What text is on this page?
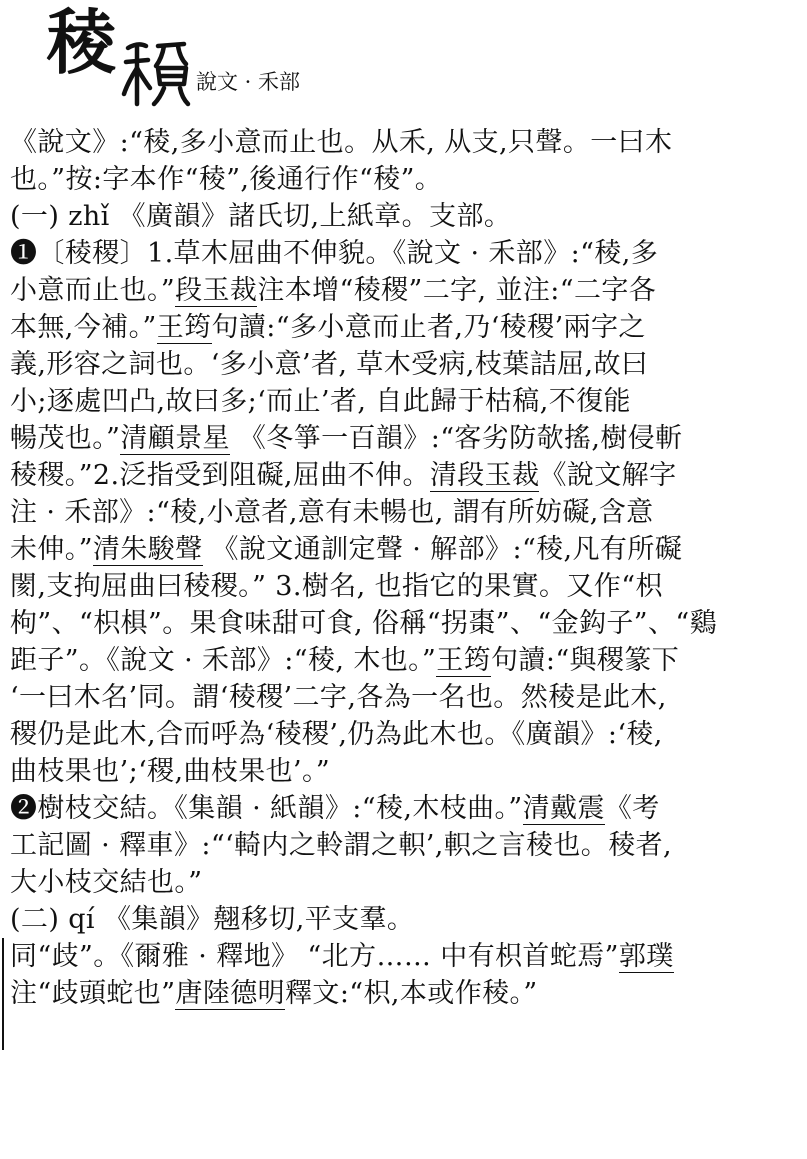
稜	說文 · 禾部
《說文》:“稜,多小意而止也。从禾, 从支,只聲。一曰木
也。”按:字本作“稜”,後通行作“稜”。
(一) zhǐ 《廣韻》諸氏切,上紙章。支部。
❶〔稜稷〕1.草木屈曲不伸貌。《說文 · 禾部》:“稜,多
小意而止也。”段玉裁注本增“稜稷”二字, 並注:“二字各
本無,今補。”王筠句讀:“多小意而止者,乃‘稜稷’兩字之
義,形容之詞也。‘多小意’者, 草木受病,枝葉詰屈,故曰
小;逐處凹凸,故曰多;‘而止’者, 自此歸于枯稿,不復能
暢茂也。”清顧景星 《冬箏一百韻》:“客劣防欹搖,樹侵斬
稜稷。”2.泛指受到阻礙,屈曲不伸。清段玉裁《說文解字
注 · 禾部》:“稜,小意者,意有未暢也, 謂有所妨礙,含意
未伸。”清朱駿聲 《說文通訓定聲 · 解部》:“稜,凡有所礙
閡,支拘屈曲曰稜稷。” 3.樹名, 也指它的果實。又作“枳
枸”、“枳椇”。果食味甜可食, 俗稱“拐棗”、“金鈎子”、“鷄
距子”。《說文 · 禾部》:“稜, 木也。”王筠句讀:“與稷篆下
‘一曰木名’同。謂‘稜稷’二字,各為一名也。然稜是此木,
稷仍是此木,合而呼為‘稜稷’,仍為此木也。《廣韻》:‘稜,
曲枝果也’;‘稷,曲枝果也’。”
❷樹枝交結。《集韻 · 紙韻》:“稜,木枝曲。”清戴震《考
工記圖 · 釋車》:“‘輢内之軨謂之軹’,軹之言稜也。稜者,
大小枝交結也。”
(二) qí 《集韻》翹移切,平支羣。
同“歧”。《爾雅 · 釋地》 “北方…… 中有枳首蛇焉”郭璞
注“歧頭蛇也”唐陸德明釋文:“枳,本或作稜。”
